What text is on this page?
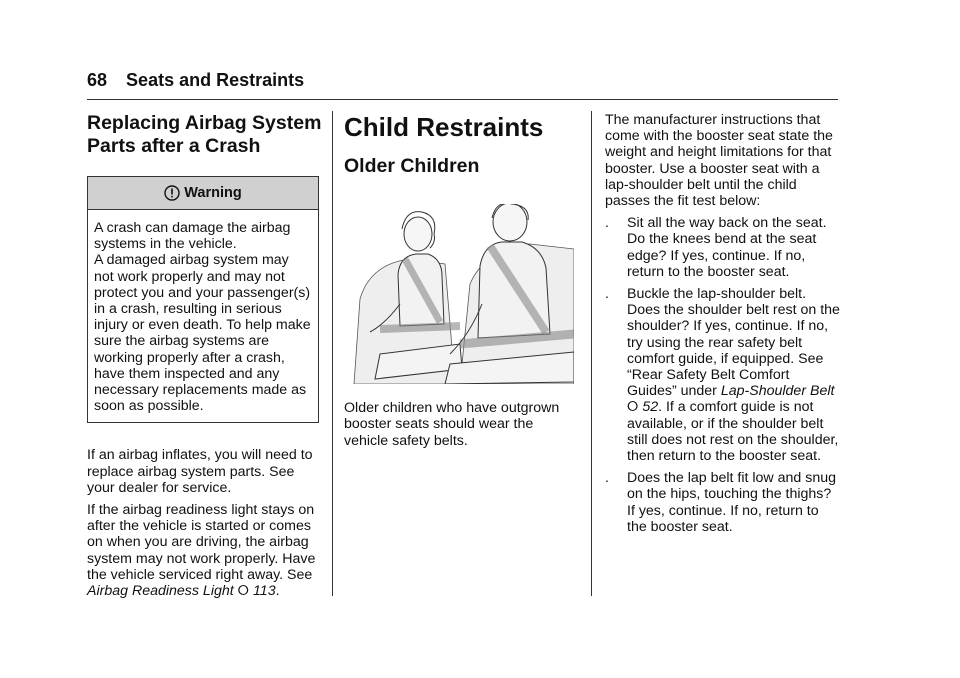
68 Seats and Restraints
Replacing Airbag System
Parts after a Crash
Warning

A crash can damage the airbag systems in the vehicle.

A damaged airbag system may not work properly and may not protect you and your passenger(s) in a crash, resulting in serious injury or even death. To help make sure the airbag systems are working properly after a crash, have them inspected and any necessary replacements made as soon as possible.

If an airbag inflates, you will need to replace airbag system parts. See your dealer for service.

If the airbag readiness light stays on after the vehicle is started or comes on when you are driving, the airbag system may not work properly. Have the vehicle serviced right away. See Airbag Readiness Light ⭘ 113.

Child Restraints
Older Children

Older children who have outgrown booster seats should wear the vehicle safety belts.

The manufacturer instructions that come with the booster seat state the weight and height limitations for that booster. Use a booster seat with a lap-shoulder belt until the child passes the fit test below:

.	Sit all the way back on the seat. Do the knees bend at the seat edge? If yes, continue. If no, return to the booster seat.
.	Buckle the lap-shoulder belt. Does the shoulder belt rest on the shoulder? If yes, continue. If no, try using the rear safety belt comfort guide, if equipped. See “Rear Safety Belt Comfort Guides” under Lap-Shoulder Belt ⭘ 52. If a comfort guide is not available, or if the shoulder belt still does not rest on the shoulder, then return to the booster seat.
.	Does the lap belt fit low and snug on the hips, touching the thighs? If yes, continue. If no, return to the booster seat.
